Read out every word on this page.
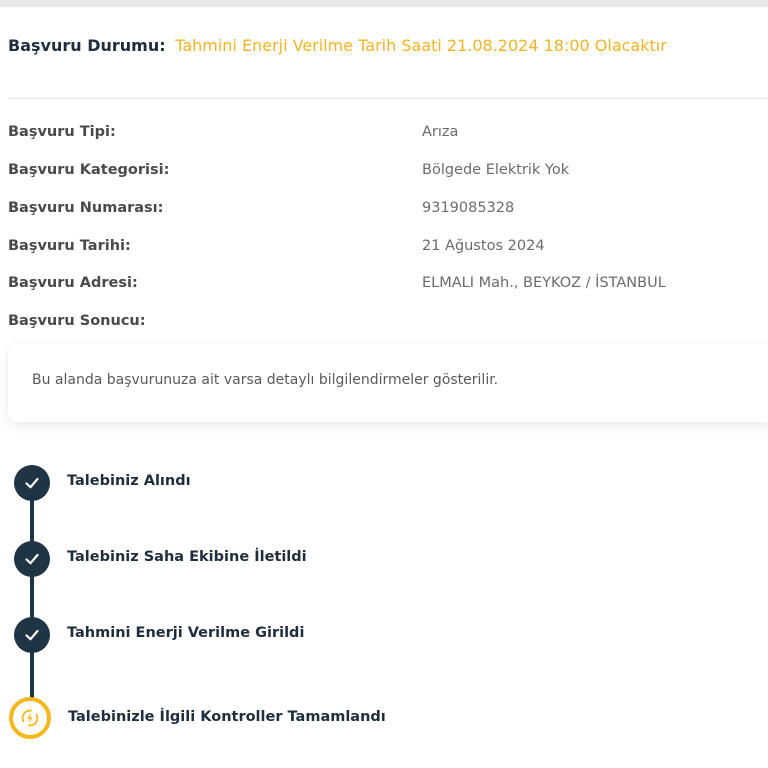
Başvuru Durumu: Tahmini Enerji Verilme Tarih Saati 21.08.2024 18:00 Olacaktır
Başvuru Tipi:	Arıza
Başvuru Kategorisi:	Bölgede Elektrik Yok
Başvuru Numarası:	9319085328
Başvuru Tarihi:	21 Ağustos 2024
Başvuru Adresi:	ELMALI Mah., BEYKOZ / İSTANBUL
Başvuru Sonucu:
Bu alanda başvurunuza ait varsa detaylı bilgilendirmeler gösterilir.
Talebiniz Alındı
Talebiniz Saha Ekibine İletildi
Tahmini Enerji Verilme Girildi
Talebinizle İlgili Kontroller Tamamlandı
